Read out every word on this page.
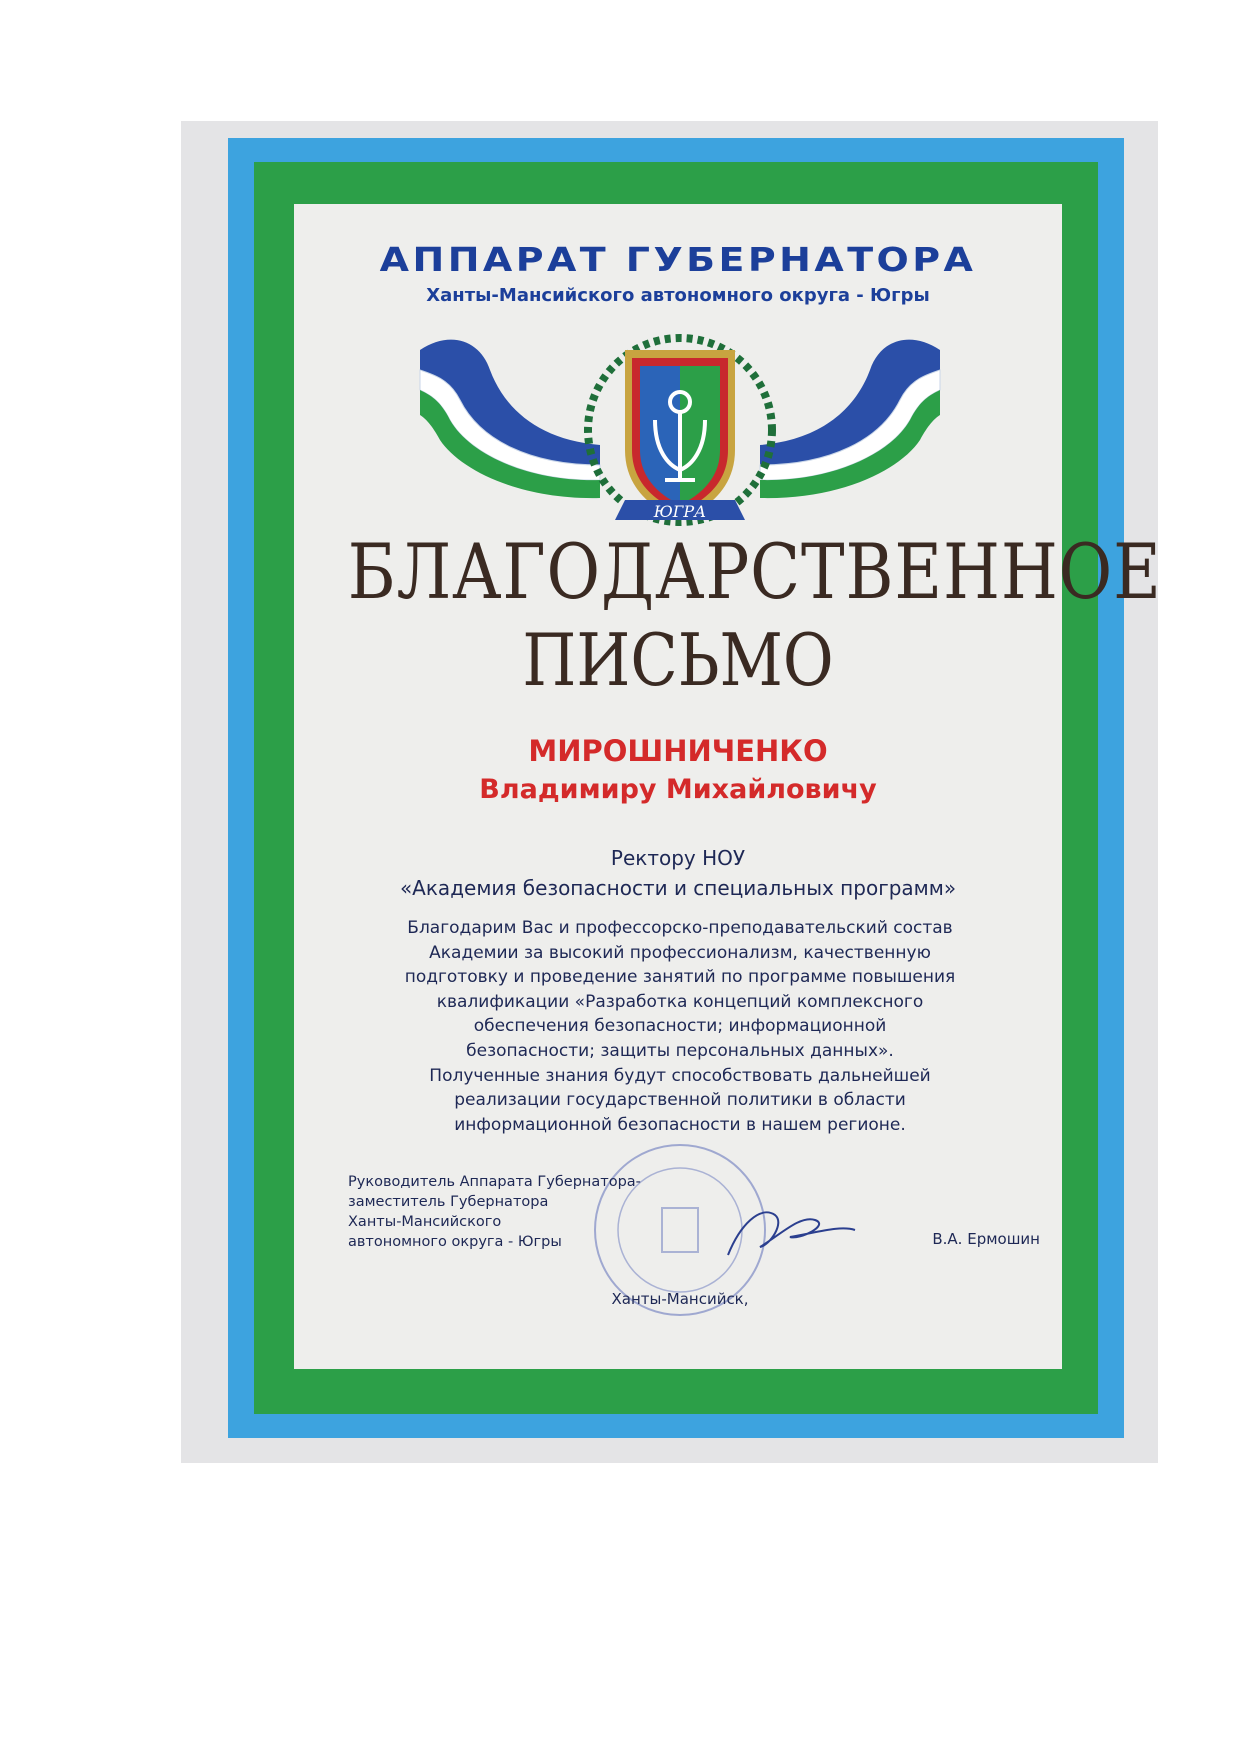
АППАРАТ ГУБЕРНАТОРА

Ханты-Мансийского автономного округа - Югры

ЮГРА

БЛАГОДАРСТВЕННОЕ

ПИСЬМО

МИРОШНИЧЕНКО

Владимиру Михайловичу

Ректору НОУ
«Академия безопасности и специальных программ»

Благодарим Вас и профессорско-преподавательский состав
Академии за высокий профессионализм, качественную
подготовку и проведение занятий по программе повышения
квалификации «Разработка концепций комплексного
обеспечения безопасности; информационной
безопасности; защиты персональных данных».
Полученные знания будут способствовать дальнейшей
реализации государственной политики в области
информационной безопасности в нашем регионе.

Руководитель Аппарата Губернатора-
заместитель Губернатора
Ханты-Мансийского
автономного округа - Югры	В.А. Ермошин

Ханты-Мансийск,
